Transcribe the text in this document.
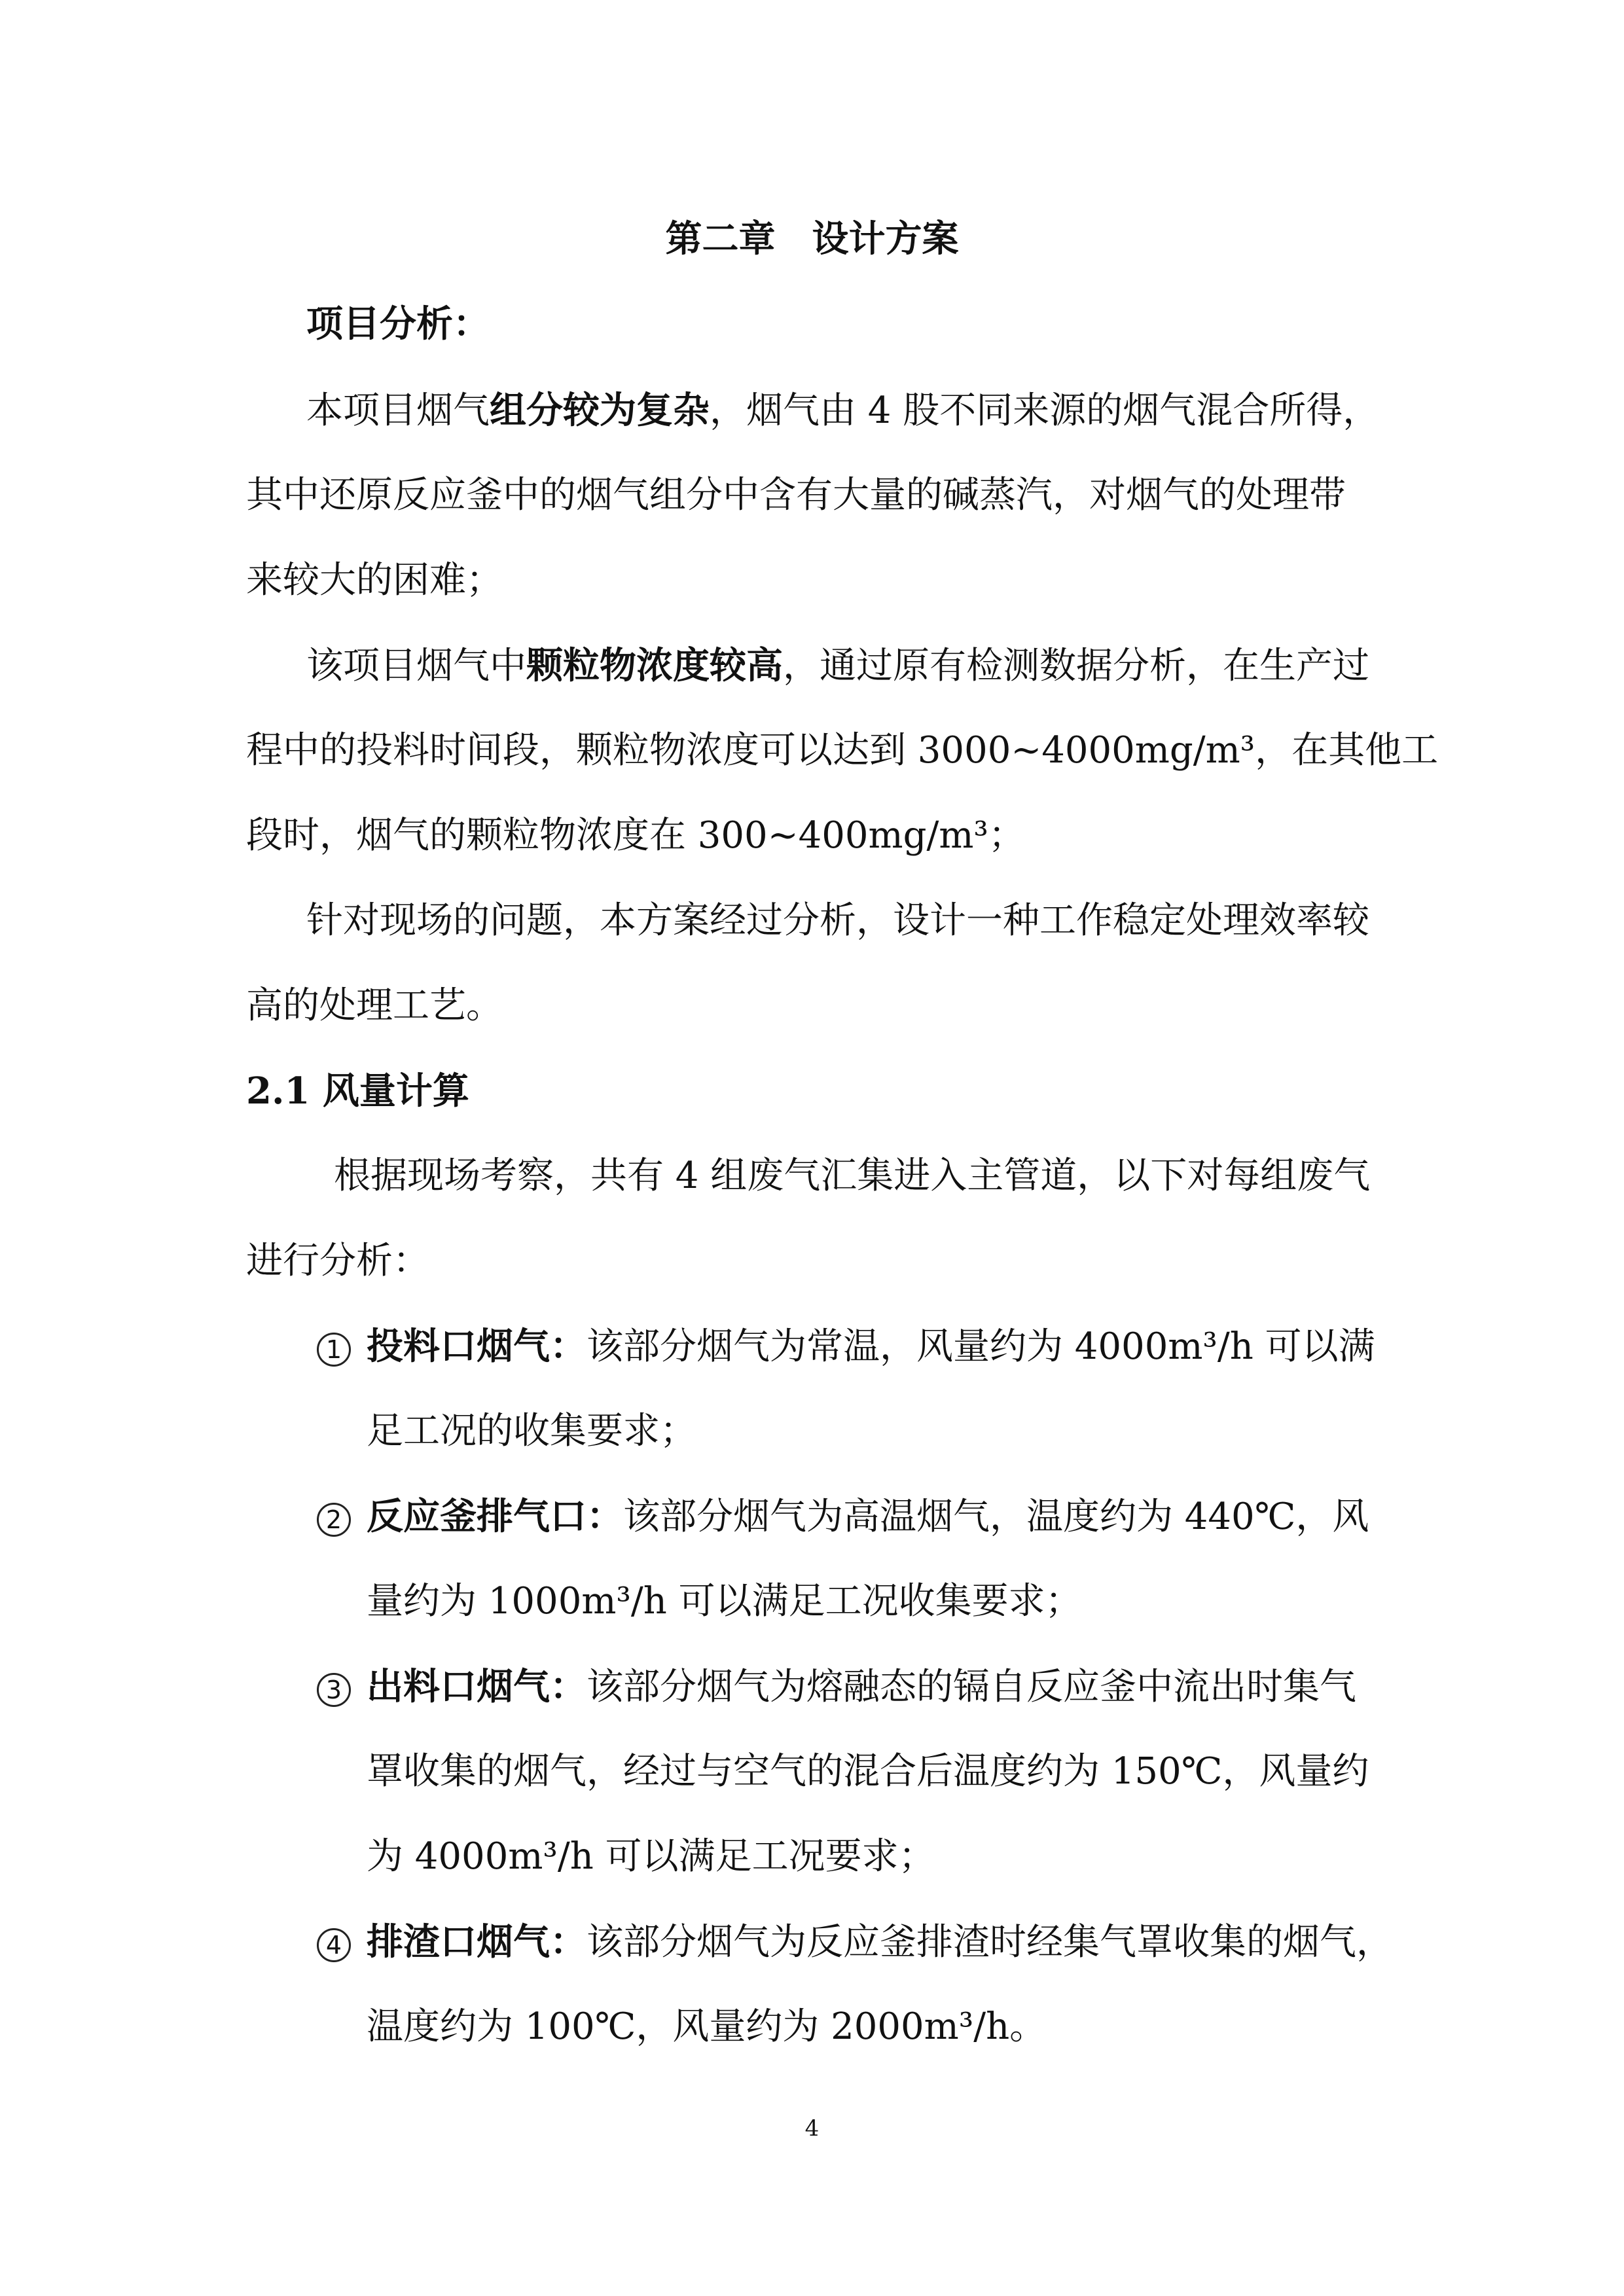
第二章　设计方案
项目分析：
本项目烟气组分较为复杂，烟气由 4 股不同来源的烟气混合所得，
其中还原反应釜中的烟气组分中含有大量的碱蒸汽，对烟气的处理带
来较大的困难；
该项目烟气中颗粒物浓度较高，通过原有检测数据分析，在生产过
程中的投料时间段，颗粒物浓度可以达到 3000~4000mg/m³，在其他工
段时，烟气的颗粒物浓度在 300~400mg/m³；
针对现场的问题，本方案经过分析，设计一种工作稳定处理效率较
高的处理工艺。
2.1 风量计算
根据现场考察，共有 4 组废气汇集进入主管道，以下对每组废气
进行分析：
1 投料口烟气：该部分烟气为常温，风量约为 4000m³/h 可以满
足工况的收集要求；
2 反应釜排气口：该部分烟气为高温烟气，温度约为 440℃，风
量约为 1000m³/h 可以满足工况收集要求；
3 出料口烟气：该部分烟气为熔融态的镉自反应釜中流出时集气
罩收集的烟气，经过与空气的混合后温度约为 150℃，风量约
为 4000m³/h 可以满足工况要求；
4 排渣口烟气：该部分烟气为反应釜排渣时经集气罩收集的烟气，
温度约为 100℃，风量约为 2000m³/h。
4
